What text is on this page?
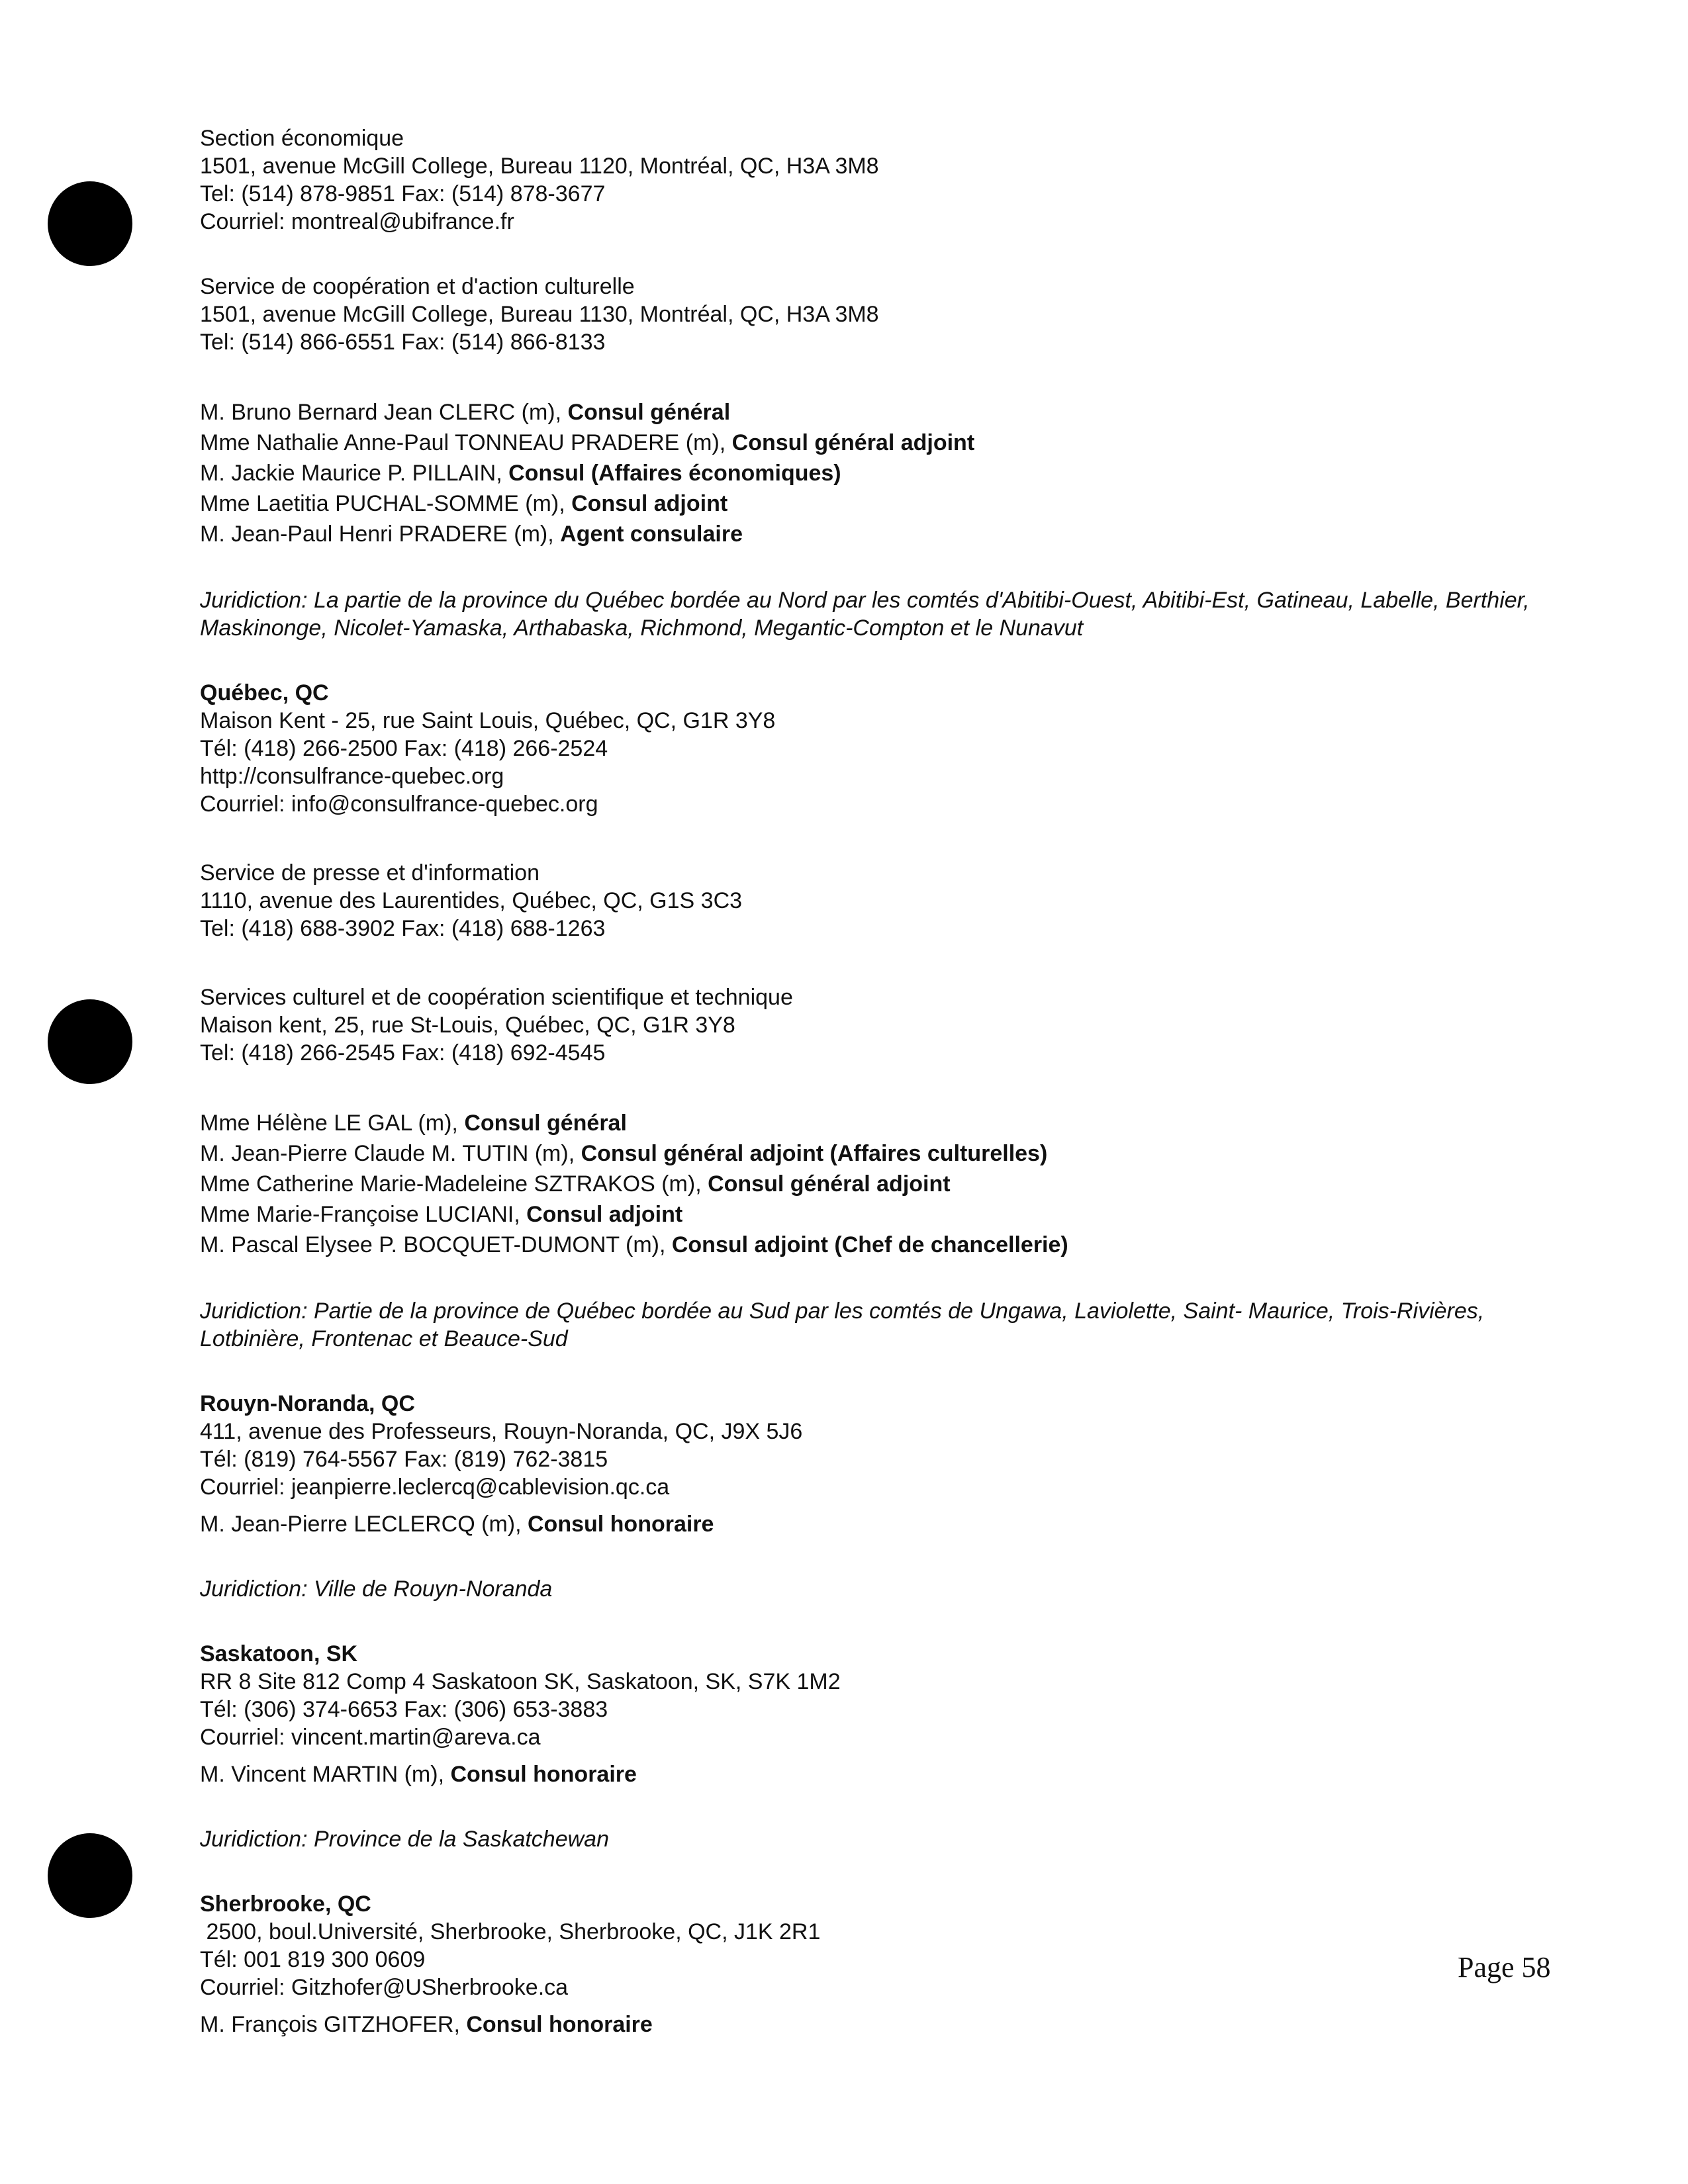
Section économique
1501, avenue McGill College, Bureau 1120, Montréal, QC, H3A 3M8
Tel: (514) 878-9851 Fax: (514) 878-3677
Courriel: montreal@ubifrance.fr
Service de coopération et d'action culturelle
1501, avenue McGill College, Bureau 1130, Montréal, QC, H3A 3M8
Tel: (514) 866-6551 Fax: (514) 866-8133
M. Bruno Bernard Jean CLERC (m), Consul général
Mme Nathalie Anne-Paul TONNEAU PRADERE (m), Consul général adjoint
M. Jackie Maurice P. PILLAIN, Consul (Affaires économiques)
Mme Laetitia PUCHAL-SOMME (m), Consul adjoint
M. Jean-Paul Henri PRADERE (m), Agent consulaire
Juridiction: La partie de la province du Québec bordée au Nord par les comtés d'Abitibi-Ouest, Abitibi-Est, Gatineau, Labelle, Berthier, Maskinonge, Nicolet-Yamaska, Arthabaska, Richmond, Megantic-Compton et le Nunavut
Québec, QC
Maison Kent - 25, rue Saint Louis, Québec, QC, G1R 3Y8
Tél: (418) 266-2500 Fax: (418) 266-2524
http://consulfrance-quebec.org
Courriel: info@consulfrance-quebec.org
Service de presse et d'information
1110, avenue des Laurentides, Québec, QC, G1S 3C3
Tel: (418) 688-3902 Fax: (418) 688-1263
Services culturel et de coopération scientifique et technique
Maison kent, 25, rue St-Louis, Québec, QC, G1R 3Y8
Tel: (418) 266-2545 Fax: (418) 692-4545
Mme Hélène LE GAL (m), Consul général
M. Jean-Pierre Claude M. TUTIN (m), Consul général adjoint (Affaires culturelles)
Mme Catherine Marie-Madeleine SZTRAKOS (m), Consul général adjoint
Mme Marie-Françoise LUCIANI, Consul adjoint
M. Pascal Elysee P. BOCQUET-DUMONT (m), Consul adjoint (Chef de chancellerie)
Juridiction: Partie de la province de Québec bordée au Sud par les comtés de Ungawa, Laviolette, Saint- Maurice, Trois-Rivières, Lotbinière, Frontenac et Beauce-Sud
Rouyn-Noranda, QC
411, avenue des Professeurs, Rouyn-Noranda, QC, J9X 5J6
Tél: (819) 764-5567 Fax: (819) 762-3815
Courriel: jeanpierre.leclercq@cablevision.qc.ca
M. Jean-Pierre LECLERCQ (m), Consul honoraire
Juridiction: Ville de Rouyn-Noranda
Saskatoon, SK
RR 8 Site 812 Comp 4 Saskatoon SK, Saskatoon, SK, S7K 1M2
Tél: (306) 374-6653 Fax: (306) 653-3883
Courriel: vincent.martin@areva.ca
M. Vincent MARTIN (m), Consul honoraire
Juridiction: Province de la Saskatchewan
Sherbrooke, QC
2500, boul.Université, Sherbrooke, Sherbrooke, QC, J1K 2R1
Tél: 001 819 300 0609
Courriel: Gitzhofer@USherbrooke.ca
M. François GITZHOFER, Consul honoraire
Page 58
